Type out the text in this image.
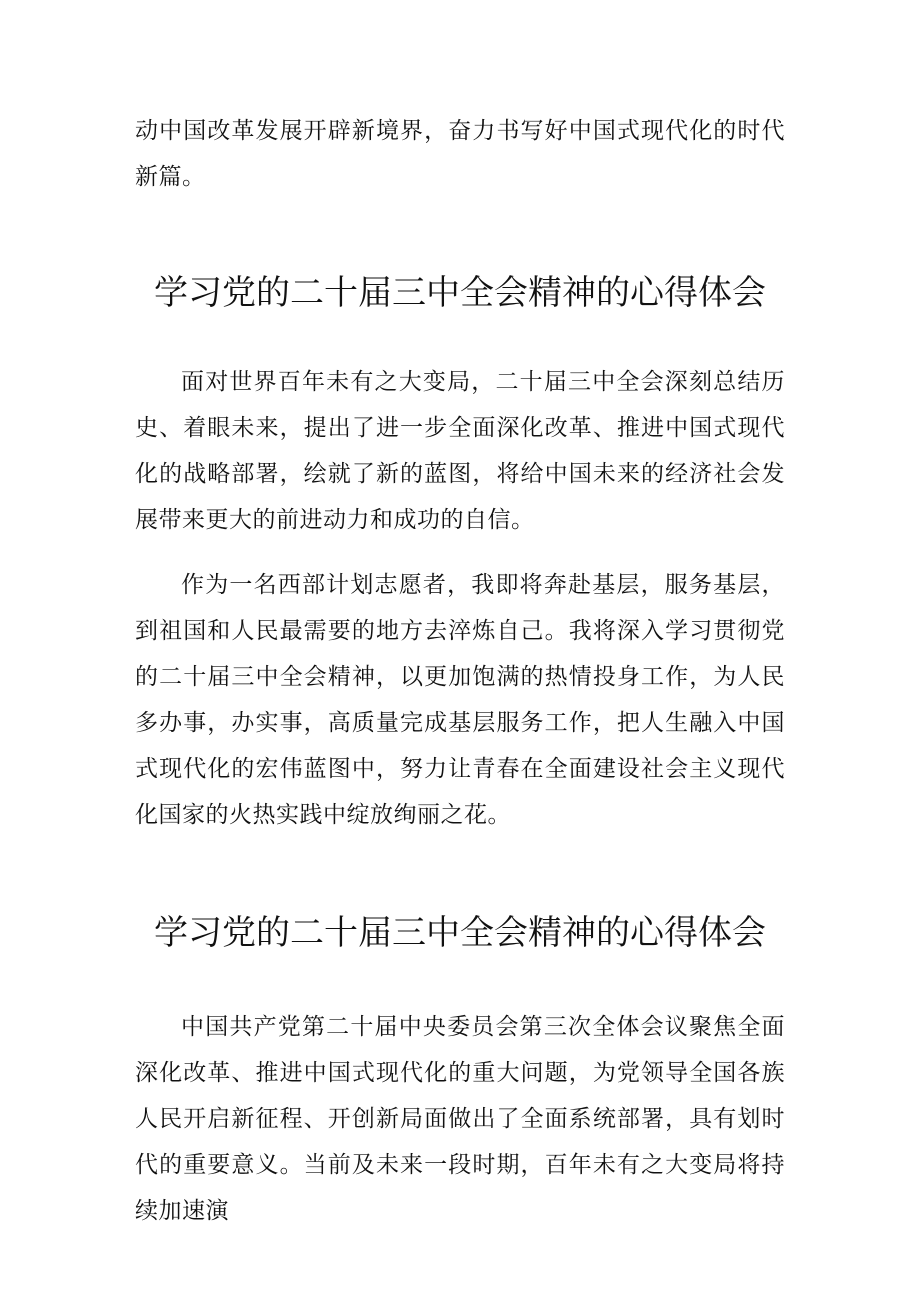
动中国改革发展开辟新境界，奋力书写好中国式现代化的时代新篇。

学习党的二十届三中全会精神的心得体会

面对世界百年未有之大变局，二十届三中全会深刻总结历史、着眼未来，提出了进一步全面深化改革、推进中国式现代化的战略部署，绘就了新的蓝图，将给中国未来的经济社会发展带来更大的前进动力和成功的自信。

作为一名西部计划志愿者，我即将奔赴基层，服务基层，到祖国和人民最需要的地方去淬炼自己。我将深入学习贯彻党的二十届三中全会精神，以更加饱满的热情投身工作，为人民多办事，办实事，高质量完成基层服务工作，把人生融入中国式现代化的宏伟蓝图中，努力让青春在全面建设社会主义现代化国家的火热实践中绽放绚丽之花。

学习党的二十届三中全会精神的心得体会

中国共产党第二十届中央委员会第三次全体会议聚焦全面深化改革、推进中国式现代化的重大问题，为党领导全国各族人民开启新征程、开创新局面做出了全面系统部署，具有划时代的重要意义。当前及未来一段时期，百年未有之大变局将持续加速演
